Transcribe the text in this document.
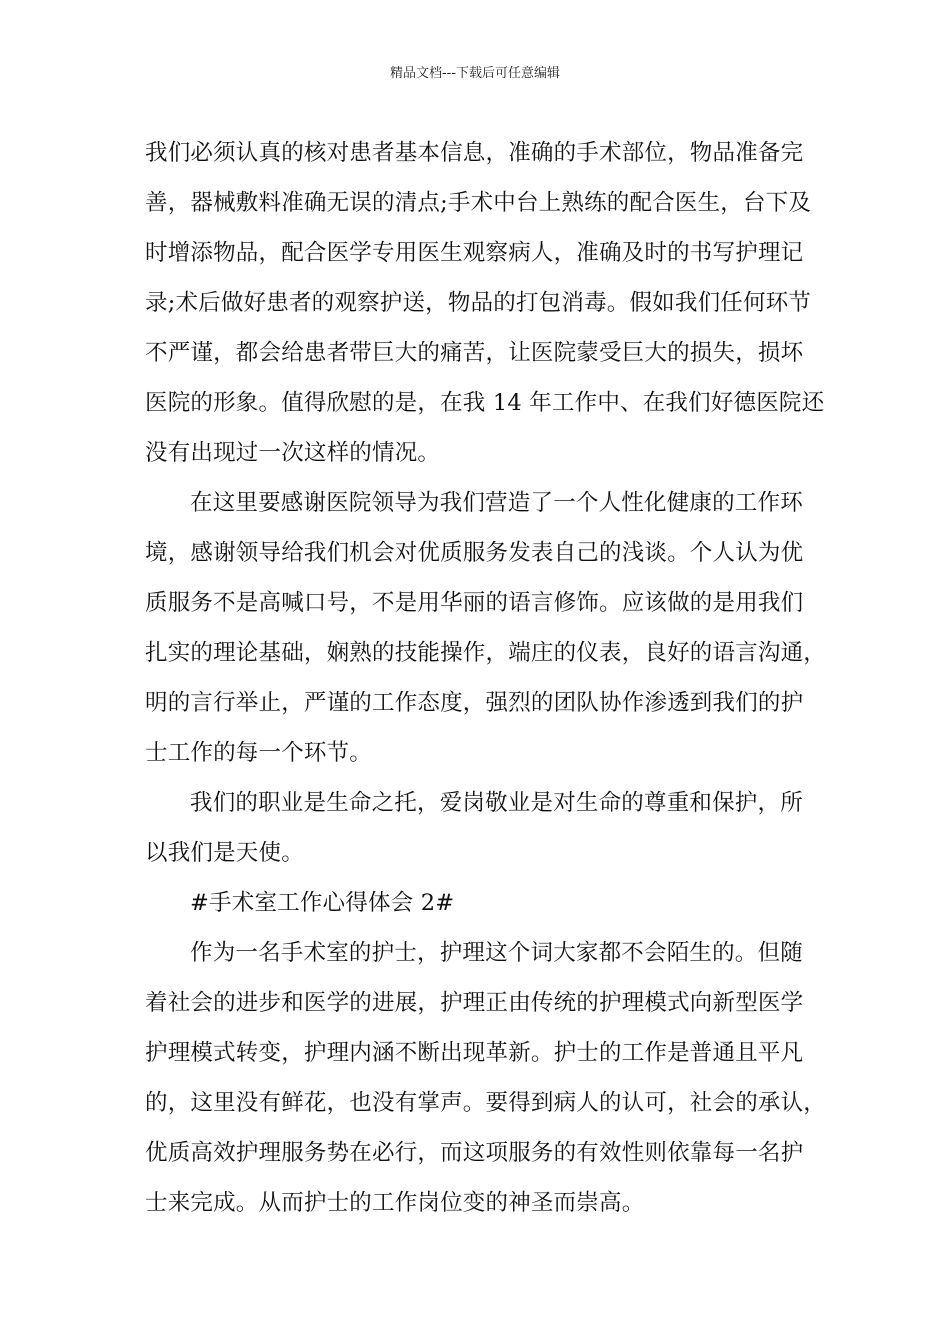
精品文档---下载后可任意编辑
我们必须认真的核对患者基本信息，准确的手术部位，物品准备完
善，器械敷料准确无误的清点;手术中台上熟练的配合医生，台下及
时增添物品，配合医学专用医生观察病人，准确及时的书写护理记
录;术后做好患者的观察护送，物品的打包消毒。假如我们任何环节
不严谨，都会给患者带巨大的痛苦，让医院蒙受巨大的损失，损坏
医院的形象。值得欣慰的是，在我 14 年工作中、在我们好德医院还
没有出现过一次这样的情况。
在这里要感谢医院领导为我们营造了一个人性化健康的工作环
境，感谢领导给我们机会对优质服务发表自己的浅谈。个人认为优
质服务不是高喊口号，不是用华丽的语言修饰。应该做的是用我们
扎实的理论基础，娴熟的技能操作，端庄的仪表，良好的语言沟通，
明的言行举止，严谨的工作态度，强烈的团队协作渗透到我们的护
士工作的每一个环节。
我们的职业是生命之托，爱岗敬业是对生命的尊重和保护，所
以我们是天使。
#手术室工作心得体会 2#
作为一名手术室的护士，护理这个词大家都不会陌生的。但随
着社会的进步和医学的进展，护理正由传统的护理模式向新型医学
护理模式转变，护理内涵不断出现革新。护士的工作是普通且平凡
的，这里没有鲜花，也没有掌声。要得到病人的认可，社会的承认，
优质高效护理服务势在必行，而这项服务的有效性则依靠每一名护
士来完成。从而护士的工作岗位变的神圣而崇高。
